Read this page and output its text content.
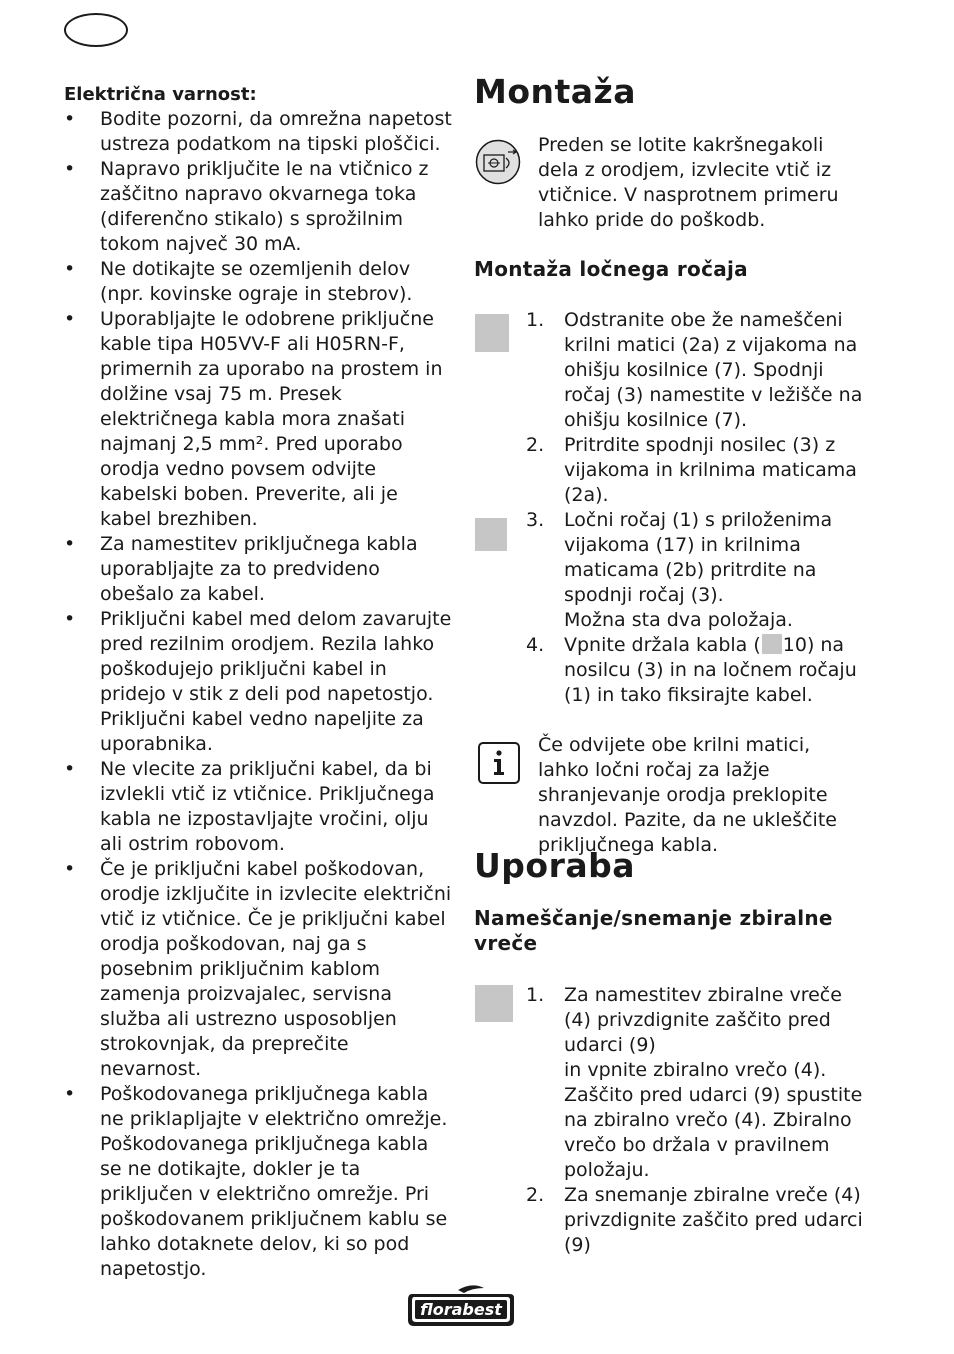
Električna varnost:
• Bodite pozorni, da omrežna napetost ustreza podatkom na tipski ploščici.
• Napravo priključite le na vtičnico z zaščitno napravo okvarnega toka (diferenčno stikalo) s sprožilnim tokom največ 30 mA.
• Ne dotikajte se ozemljenih delov (npr. kovinske ograje in stebrov).
• Uporabljajte le odobrene priključne kable tipa H05VV-F ali H05RN-F, primernih za uporabo na prostem in dolžine vsaj 75 m. Presek električnega kabla mora znašati najmanj 2,5 mm². Pred uporabo orodja vedno povsem odvijte kabelski boben. Preverite, ali je kabel brezhiben.
• Za namestitev priključnega kabla uporabljajte za to predvideno obešalo za kabel.
• Priključni kabel med delom zavarujte pred rezilnim orodjem. Rezila lahko poškodujejo priključni kabel in pridejo v stik z deli pod napetostjo. Priključni kabel vedno napeljite za uporabnika.
• Ne vlecite za priključni kabel, da bi izvlekli vtič iz vtičnice. Priključnega kabla ne izpostavljajte vročini, olju ali ostrim robovom.
• Če je priključni kabel poškodovan, orodje izključite in izvlecite električni vtič iz vtičnice. Če je priključni kabel orodja poškodovan, naj ga s posebnim priključnim kablom zamenja proizvajalec, servisna služba ali ustrezno usposobljen strokovnjak, da preprečite nevarnost.
• Poškodovanega priključnega kabla ne priklapljajte v električno omrežje. Poškodovanega priključnega kabla se ne dotikajte, dokler je ta priključen v električno omrežje. Pri poškodovanem priključnem kablu se lahko dotaknete delov, ki so pod napetostjo.
Montaža
Preden se lotite kakršnegakoli dela z orodjem, izvlecite vtič iz vtičnice. V nasprotnem primeru lahko pride do poškodb.
Montaža ločnega ročaja
1. Odstranite obe že nameščeni krilni matici (2a) z vijakoma na ohišju kosilnice (7). Spodnji ročaj (3) namestite v ležišče na ohišju kosilnice (7).
2. Pritrdite spodnji nosilec (3) z vijakoma in krilnima maticama (2a).
3. Ločni ročaj (1) s priloženima vijakoma (17) in krilnima maticama (2b) pritrdite na spodnji ročaj (3).
Možna sta dva položaja.
4. Vpnite držala kabla ( 10) na nosilcu (3) in na ločnem ročaju (1) in tako fiksirajte kabel.
Če odvijete obe krilni matici, lahko ločni ročaj za lažje shranjevanje orodja preklopite navzdol. Pazite, da ne ukleščite priključnega kabla.
Uporaba
Nameščanje/snemanje zbiralne vreče
1. Za namestitev zbiralne vreče (4) privzdignite zaščito pred udarci (9)
in vpnite zbiralno vrečo (4). Zaščito pred udarci (9) spustite na zbiralno vrečo (4). Zbiralno vrečo bo držala v pravilnem položaju.
2. Za snemanje zbiralne vreče (4) privzdignite zaščito pred udarci (9)
florabest
